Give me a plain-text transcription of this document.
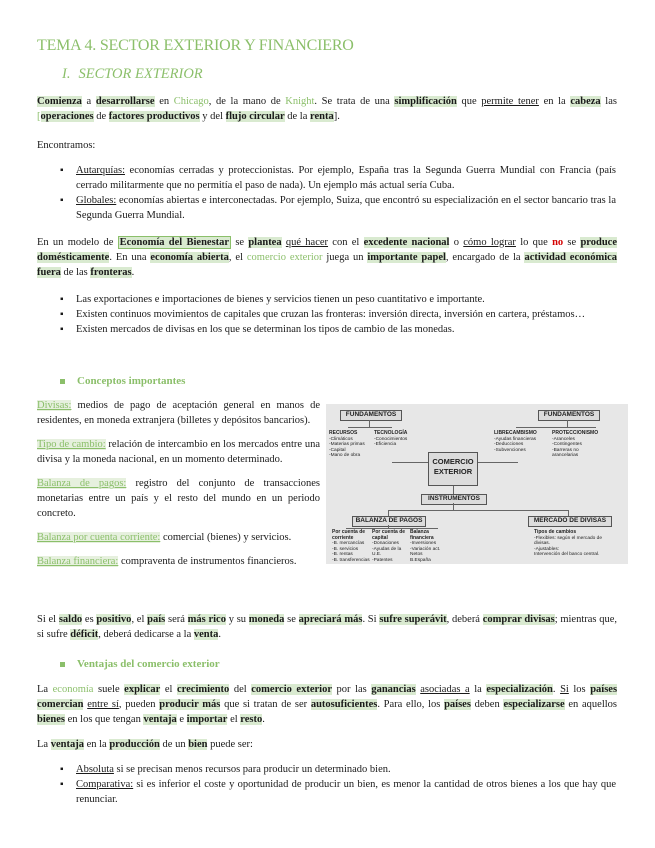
TEMA 4. SECTOR EXTERIOR Y FINANCIERO
I. SECTOR EXTERIOR
Comienza a desarrollarse en Chicago, de la mano de Knight. Se trata de una simplificación que permite tener en la cabeza las [operaciones de factores productivos y del flujo circular de la renta].
Encontramos:
▪ Autarquías: economías cerradas y proteccionistas. Por ejemplo, España tras la Segunda Guerra Mundial con Francia (país cerrado militarmente que no permitía el paso de nada). Un ejemplo más actual sería Cuba.
▪ Globales: economías abiertas e interconectadas. Por ejemplo, Suiza, que encontró su especialización en el sector bancario tras la Segunda Guerra Mundial.
En un modelo de Economía del Bienestar se plantea qué hacer con el excedente nacional o cómo lograr lo que no se produce domésticamente. En una economía abierta, el comercio exterior juega un importante papel, encargado de la actividad económica fuera de las fronteras.
▪ Las exportaciones e importaciones de bienes y servicios tienen un peso cuantitativo e importante.
▪ Existen continuos movimientos de capitales que cruzan las fronteras: inversión directa, inversión en cartera, préstamos…
▪ Existen mercados de divisas en los que se determinan los tipos de cambio de las monedas.
Conceptos importantes

Divisas: medios de pago de aceptación general en manos de residentes, en moneda extranjera (billetes y depósitos bancarios).

Tipo de cambio: relación de intercambio en los mercados entre una divisa y la moneda nacional, en un momento determinado.

Balanza de pagos: registro del conjunto de transacciones monetarias entre un país y el resto del mundo en un periodo concreto.

Balanza por cuenta corriente: comercial (bienes) y servicios.

Balanza financiera: compraventa de instrumentos financieros.

FUNDAMENTOS	FUNDAMENTOS
RECURSOS
-Climáticos
-Materias primas
-Capital
-Mano de obra
TECNOLOGÍA
-Conocimientos
-Eficiencia
LIBRECAMBISMO
-Ayudas financieras
-Deducciones
-Subvenciones
PROTECCIONISMO
-Aranceles
-Contingentes
-Barreras no arancelarias
COMERCIO EXTERIOR
INSTRUMENTOS
BALANZA DE PAGOS	MERCADO DE DIVISAS
Por cuenta de corriente
-B. mercancías
-B. servicios
-B. rentas
-B. transferencias
Por cuenta de capital
-Donaciones
-Ayudas de la U.E.
-Patentes
Balanza financiera
-Inversiones
-Variación act.
Netos B.España
Tipos de cambios
-Flexibles: según el mercado de divisas.
-Ajustables:
Intervención del banco central.
Si el saldo es positivo, el país será más rico y su moneda se apreciará más. Si sufre superávit, deberá comprar divisas; mientras que, si sufre déficit, deberá dedicarse a la venta.
Ventajas del comercio exterior
La economía suele explicar el crecimiento del comercio exterior por las ganancias asociadas a la especialización. Si los países comercian entre sí, pueden producir más que si tratan de ser autosuficientes. Para ello, los países deben especializarse en aquellos bienes en los que tengan ventaja e importar el resto.
La ventaja en la producción de un bien puede ser:
▪ Absoluta si se precisan menos recursos para producir un determinado bien.
▪ Comparativa: si es inferior el coste y oportunidad de producir un bien, es menor la cantidad de otros bienes a los que hay que renunciar.
